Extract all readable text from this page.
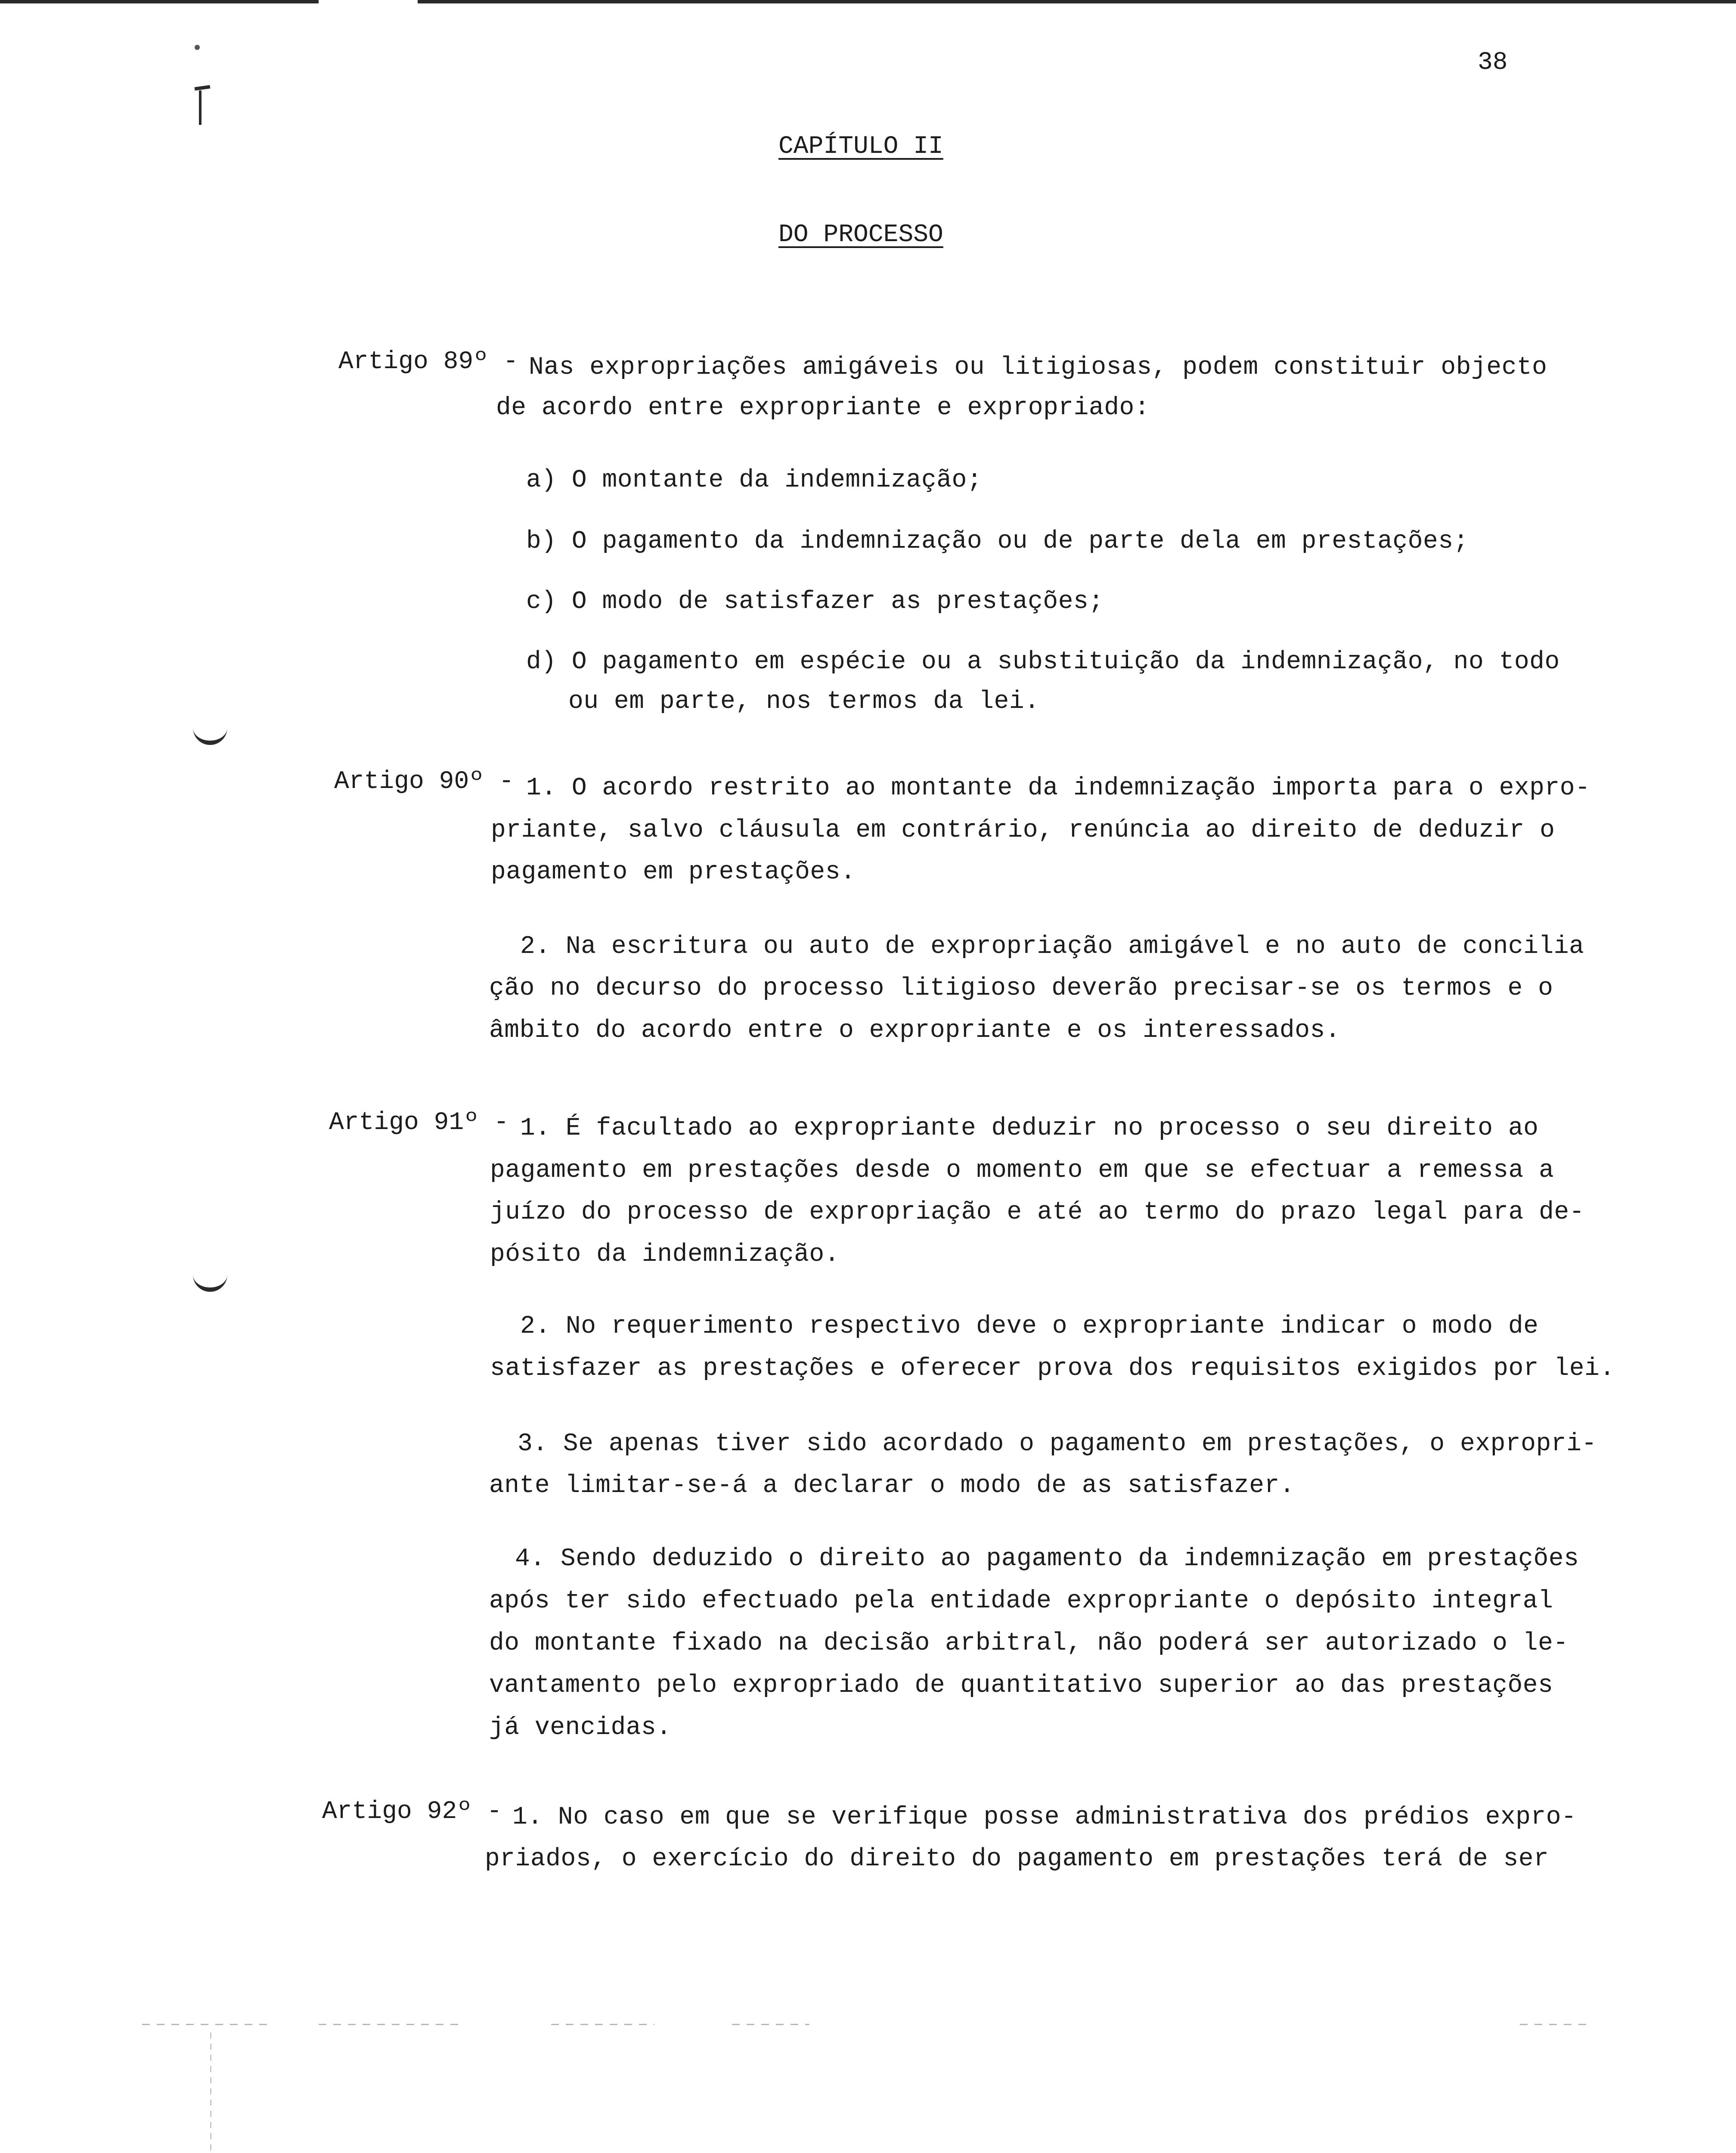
38
CAPÍTULO II
DO PROCESSO
Artigo 89º - Nas expropriações amigáveis ou litigiosas, podem constituir objecto
de acordo entre expropriante e expropriado:
a) O montante da indemnização;
b) O pagamento da indemnização ou de parte dela em prestações;
c) O modo de satisfazer as prestações;
d) O pagamento em espécie ou a substituição da indemnização, no todo
ou em parte, nos termos da lei.
Artigo 90º - 1. O acordo restrito ao montante da indemnização importa para o expro-
priante, salvo cláusula em contrário, renúncia ao direito de deduzir o
pagamento em prestações.
2. Na escritura ou auto de expropriação amigável e no auto de concilia
ção no decurso do processo litigioso deverão precisar-se os termos e o
âmbito do acordo entre o expropriante e os interessados.
Artigo 91º - 1. É facultado ao expropriante deduzir no processo o seu direito ao
pagamento em prestações desde o momento em que se efectuar a remessa a
juízo do processo de expropriação e até ao termo do prazo legal para de-
pósito da indemnização.
2. No requerimento respectivo deve o expropriante indicar o modo de
satisfazer as prestações e oferecer prova dos requisitos exigidos por lei.
3. Se apenas tiver sido acordado o pagamento em prestações, o expropri-
ante limitar-se-á a declarar o modo de as satisfazer.
4. Sendo deduzido o direito ao pagamento da indemnização em prestações
após ter sido efectuado pela entidade expropriante o depósito integral
do montante fixado na decisão arbitral, não poderá ser autorizado o le-
vantamento pelo expropriado de quantitativo superior ao das prestações
já vencidas.
Artigo 92º - 1. No caso em que se verifique posse administrativa dos prédios expro-
priados, o exercício do direito do pagamento em prestações terá de ser
